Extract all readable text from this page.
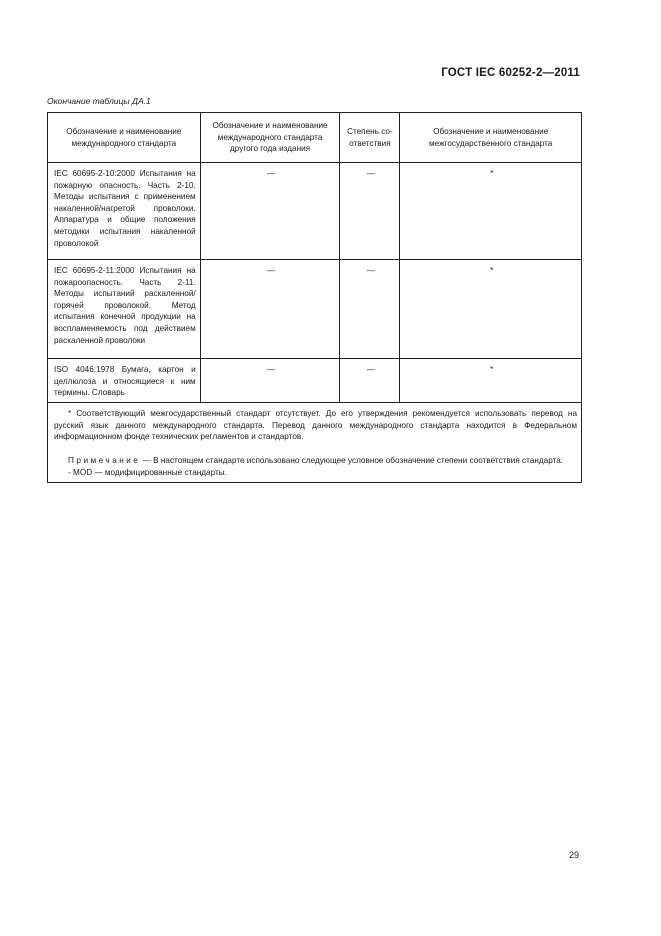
ГОСТ IEC 60252-2—2011
Окончание таблицы ДА.1
Обозначение и наименование международного стандарта	Обозначение и наименование международного стандарта другого года издания	Степень со- ответствия	Обозначение и наименование межгосударственного стандарта
IEC 60695-2-10:2000 Испытания на пожарную опасность. Часть 2-10. Методы испытания с применением накаленной/нагретой проволоки. Аппаратура и общие положения методики испытания накаленной проволокой	—	—	*
IEC 60695-2-11:2000 Испытания на пожароопасность. Часть 2-11. Методы испытаний раскаленной/горячей проволокой. Метод испытания конечной продукции на воспламеняемость под действием раскаленной проволоки	—	—	*
ISO 4046:1978 Бумага, картон и целлюлоза и относящиеся к ним термины. Словарь	—	—	*

* Соответствующий межгосударственный стандарт отсутствует. До его утверждения рекомендуется использовать перевод на русский язык данного международного стандарта. Перевод данного международного стандарта находится в Федеральном информационном фонде технических регламентов и стандартов.

Примечание — В настоящем стандарте использовано следующее условное обозначение степени соответствия стандарта:

- MOD — модифицированные стандарты.			

29
